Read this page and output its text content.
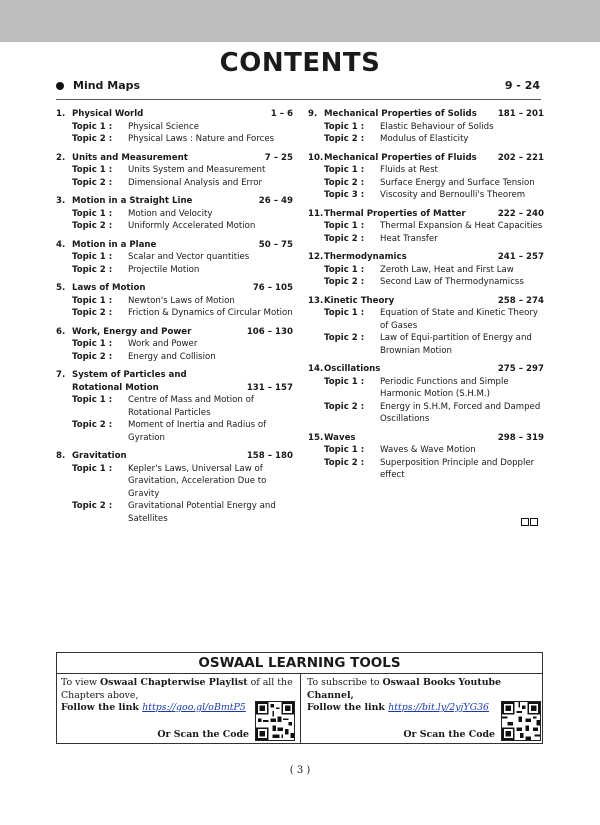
CONTENTS
Mind Maps	9 - 24
1. Physical World	1 – 6
Topic 1 : Physical Science
Topic 2 : Physical Laws : Nature and Forces
2. Units and Measurement	7 – 25
Topic 1 : Units System and Measurement
Topic 2 : Dimensional Analysis and Error
3. Motion in a Straight Line	26 – 49
Topic 1 : Motion and Velocity
Topic 2 : Uniformly Accelerated Motion
4. Motion in a Plane	50 – 75
Topic 1 : Scalar and Vector quantities
Topic 2 : Projectile Motion
5. Laws of Motion	76 – 105
Topic 1 : Newton's Laws of Motion
Topic 2 : Friction & Dynamics of Circular Motion
6. Work, Energy and Power	106 – 130
Topic 1 : Work and Power
Topic 2 : Energy and Collision
7. System of Particles and Rotational Motion	131 – 157
Topic 1 : Centre of Mass and Motion of Rotational Particles
Topic 2 : Moment of Inertia and Radius of Gyration
8. Gravitation	158 – 180
Topic 1 : Kepler's Laws, Universal Law of Gravitation, Acceleration Due to Gravity
Topic 2 : Gravitational Potential Energy and Satellites
9. Mechanical Properties of Solids	181 – 201
Topic 1 : Elastic Behaviour of Solids
Topic 2 : Modulus of Elasticity
10. Mechanical Properties of Fluids	202 – 221
Topic 1 : Fluids at Rest
Topic 2 : Surface Energy and Surface Tension
Topic 3 : Viscosity and Bernoulli's Theorem
11. Thermal Properties of Matter	222 – 240
Topic 1 : Thermal Expansion & Heat Capacities
Topic 2 : Heat Transfer
12. Thermodynamics	241 – 257
Topic 1 : Zeroth Law, Heat and First Law
Topic 2 : Second Law of Thermodynamicss
13. Kinetic Theory	258 – 274
Topic 1 : Equation of State and Kinetic Theory of Gases
Topic 2 : Law of Equi-partition of Energy and Brownian Motion
14. Oscillations	275 – 297
Topic 1 : Periodic Functions and Simple Harmonic Motion (S.H.M.)
Topic 2 : Energy in S.H.M, Forced and Damped Oscillations
15. Waves	298 – 319
Topic 1 : Waves & Wave Motion
Topic 2 : Superposition Principle and Doppler effect
OSWAAL LEARNING TOOLS
To view Oswaal Chapterwise Playlist of all the Chapters above,
Follow the link https://goo.gl/oBmtP5
Or Scan the Code
To subscribe to Oswaal Books Youtube Channel,
Follow the link https://bit.ly/2yjYG36
Or Scan the Code
( 3 )
